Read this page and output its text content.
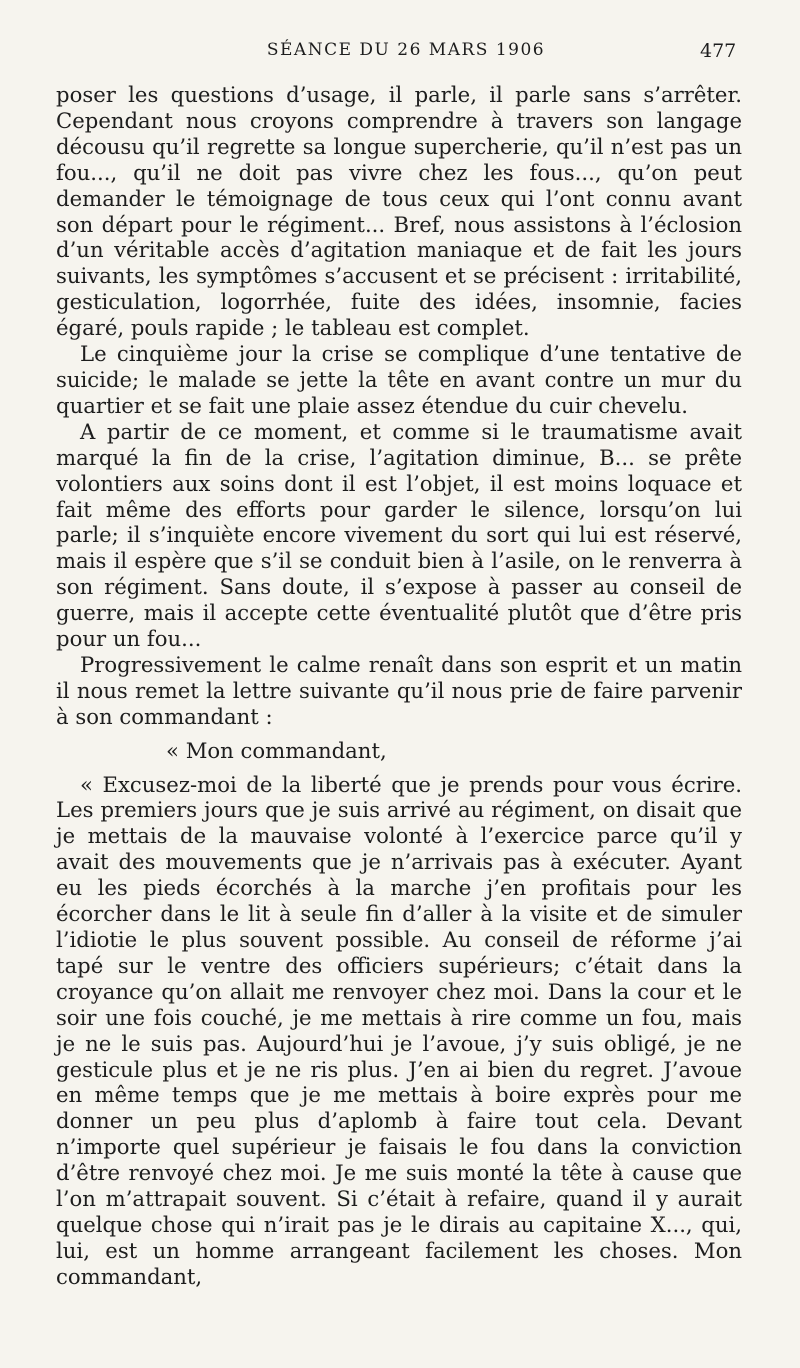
SÉANCE DU 26 MARS 1906	477

poser les questions d’usage, il parle, il parle sans s’arrêter. Cependant nous croyons comprendre à travers son langage décousu qu’il regrette sa longue supercherie, qu’il n’est pas un fou..., qu’il ne doit pas vivre chez les fous..., qu’on peut demander le témoignage de tous ceux qui l’ont connu avant son départ pour le régiment... Bref, nous assistons à l’éclosion d’un véritable accès d’agitation maniaque et de fait les jours suivants, les symptômes s’accusent et se précisent : irritabilité, gesticulation, logorrhée, fuite des idées, insomnie, facies égaré, pouls rapide ; le tableau est complet.

Le cinquième jour la crise se complique d’une tentative de suicide; le malade se jette la tête en avant contre un mur du quartier et se fait une plaie assez étendue du cuir chevelu.

A partir de ce moment, et comme si le traumatisme avait marqué la fin de la crise, l’agitation diminue, B... se prête volontiers aux soins dont il est l’objet, il est moins loquace et fait même des efforts pour garder le silence, lorsqu’on lui parle; il s’inquiète encore vivement du sort qui lui est réservé, mais il espère que s’il se conduit bien à l’asile, on le renverra à son régiment. Sans doute, il s’expose à passer au conseil de guerre, mais il accepte cette éventualité plutôt que d’être pris pour un fou...

Progressivement le calme renaît dans son esprit et un matin il nous remet la lettre suivante qu’il nous prie de faire parvenir à son commandant :

« Mon commandant,

« Excusez-moi de la liberté que je prends pour vous écrire. Les premiers jours que je suis arrivé au régiment, on disait que je mettais de la mauvaise volonté à l’exercice parce qu’il y avait des mouvements que je n’arrivais pas à exécuter. Ayant eu les pieds écorchés à la marche j’en profitais pour les écorcher dans le lit à seule fin d’aller à la visite et de simuler l’idiotie le plus souvent possible. Au conseil de réforme j’ai tapé sur le ventre des officiers supérieurs; c’était dans la croyance qu’on allait me renvoyer chez moi. Dans la cour et le soir une fois couché, je me mettais à rire comme un fou, mais je ne le suis pas. Aujourd’hui je l’avoue, j’y suis obligé, je ne gesticule plus et je ne ris plus. J’en ai bien du regret. J’avoue en même temps que je me mettais à boire exprès pour me donner un peu plus d’aplomb à faire tout cela. Devant n’importe quel supérieur je faisais le fou dans la conviction d’être renvoyé chez moi. Je me suis monté la tête à cause que l’on m’attrapait souvent. Si c’était à refaire, quand il y aurait quelque chose qui n’irait pas je le dirais au capitaine X..., qui, lui, est un homme arrangeant facilement les choses. Mon commandant,
